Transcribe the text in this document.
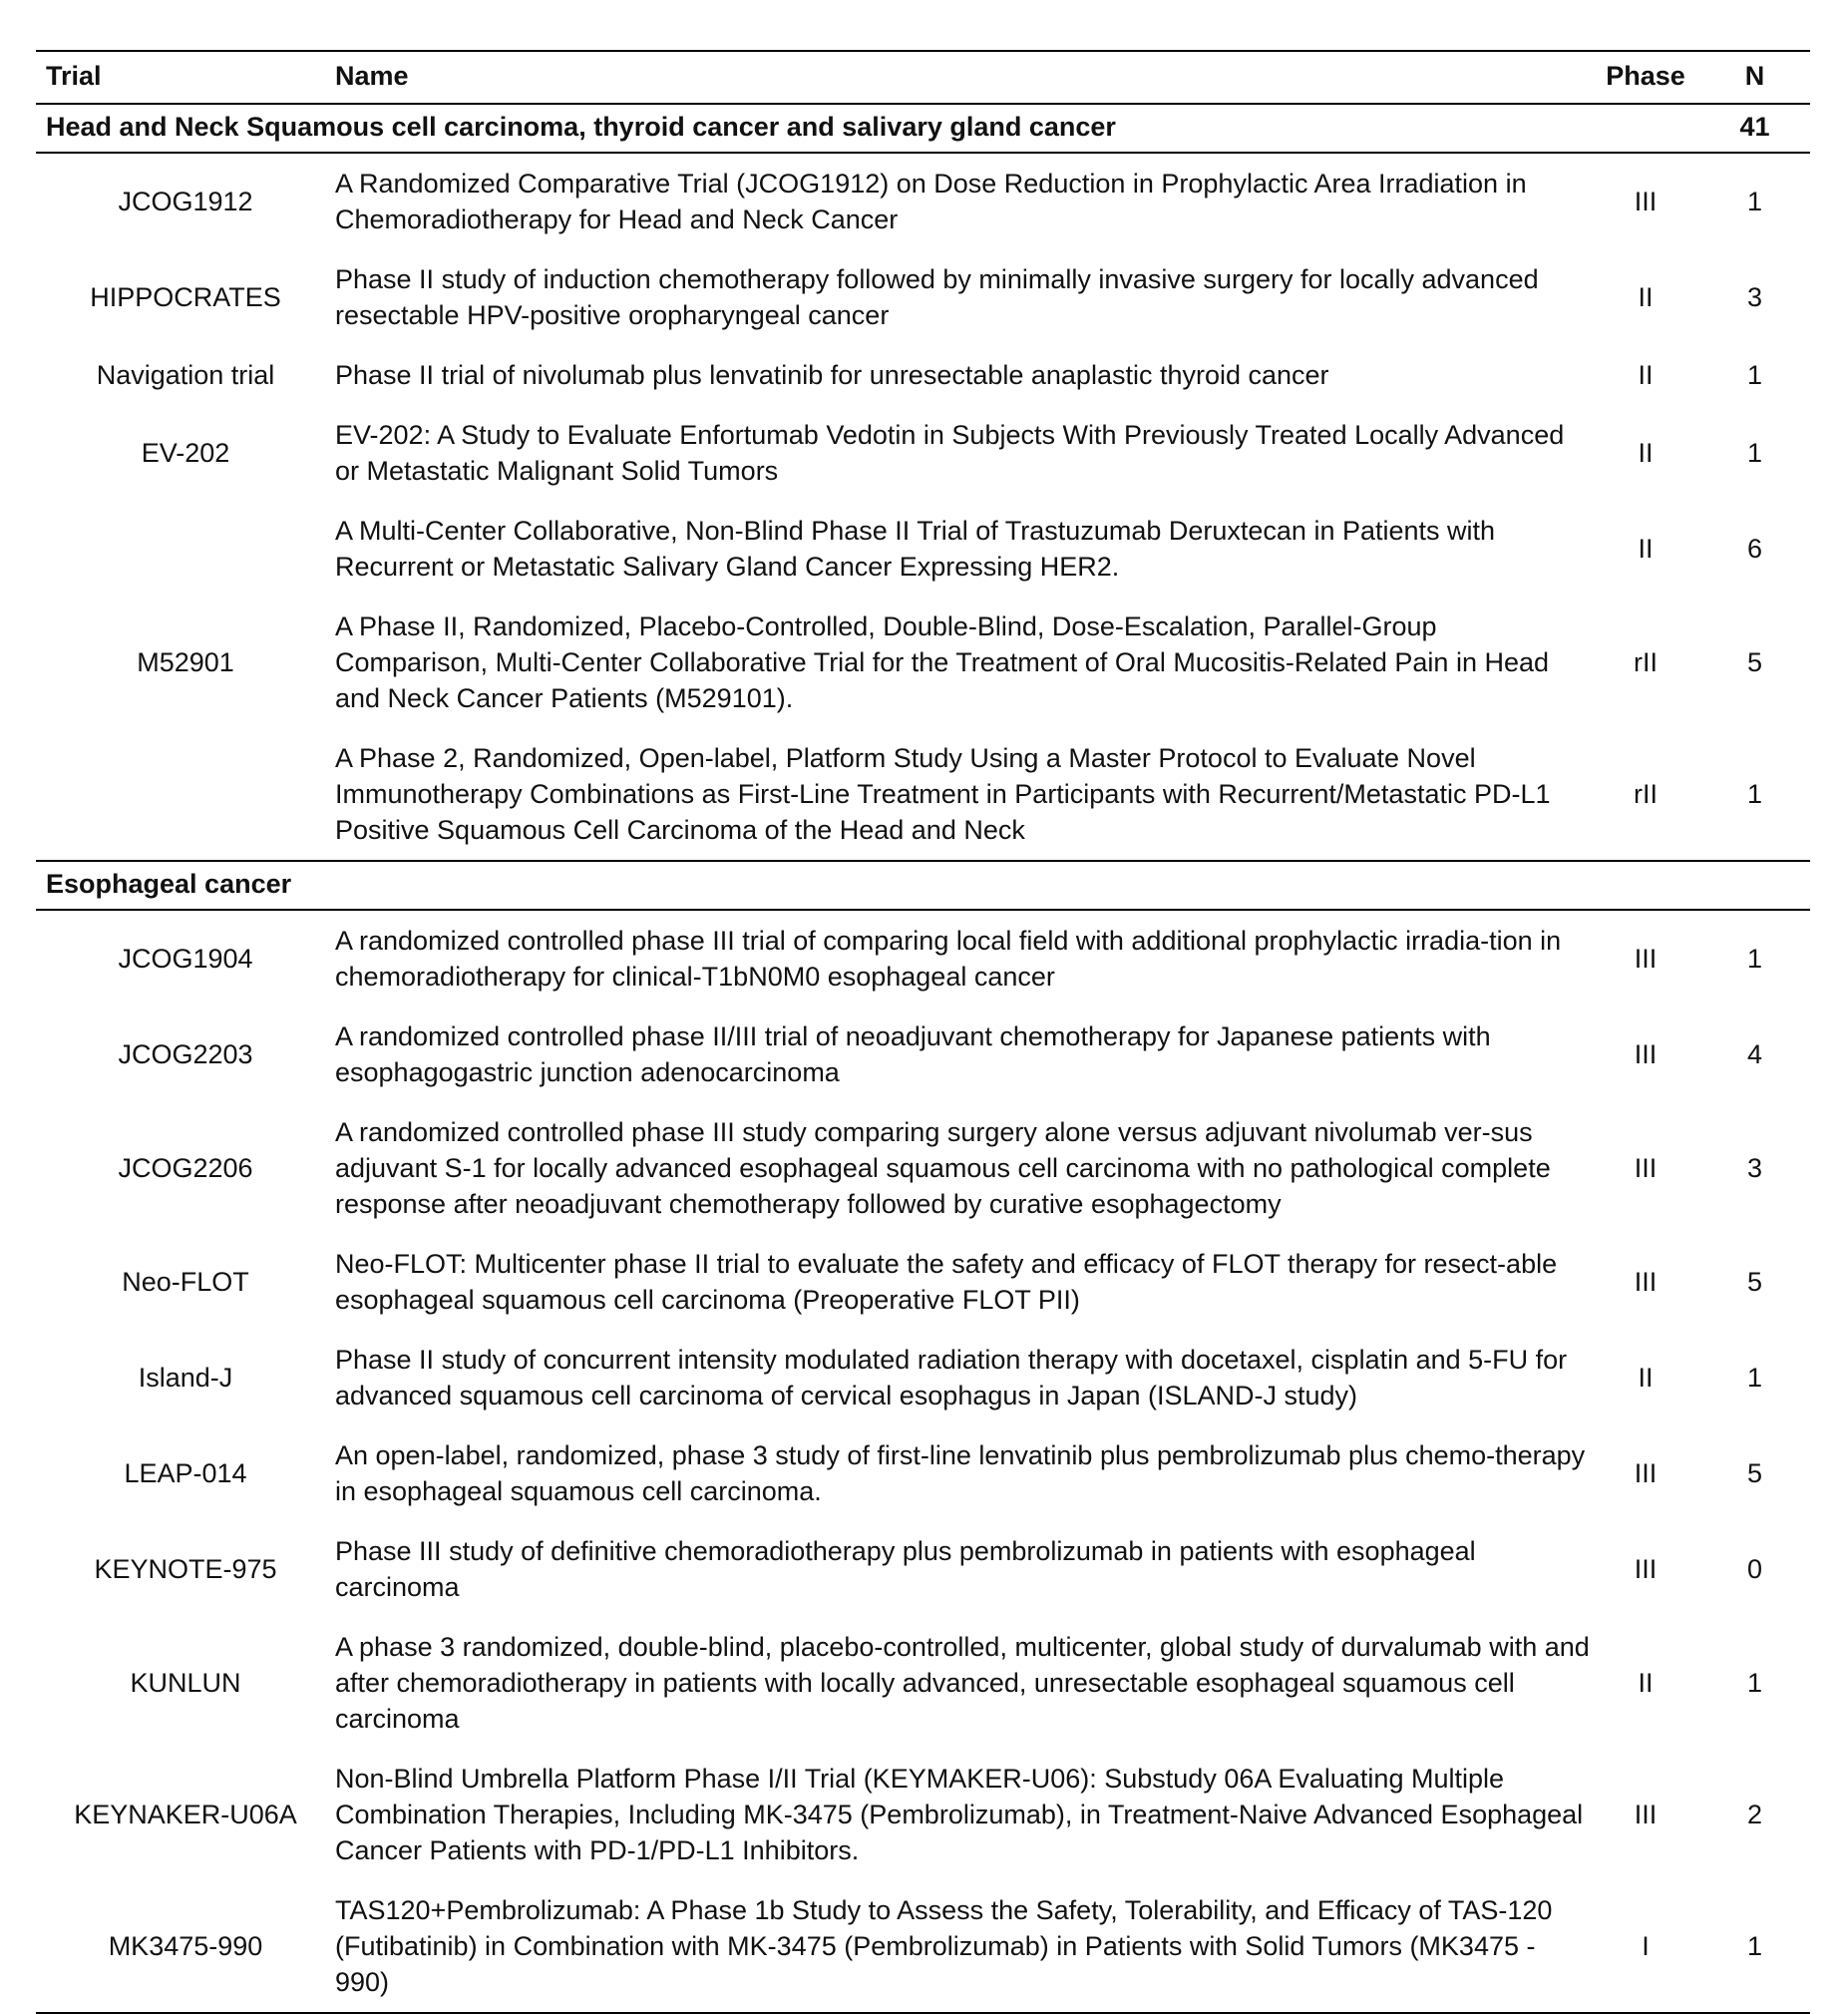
Trial	Name	Phase	N
Head and Neck Squamous cell carcinoma, thyroid cancer and salivary gland cancer			41
JCOG1912	A Randomized Comparative Trial (JCOG1912) on Dose Reduction in Prophylactic Area Irradiation in Chemoradiotherapy for Head and Neck Cancer	III	1
HIPPOCRATES	Phase II study of induction chemotherapy followed by minimally invasive surgery for locally advanced resectable HPV-positive oropharyngeal cancer	II	3
Navigation trial	Phase II trial of nivolumab plus lenvatinib for unresectable anaplastic thyroid cancer	II	1
EV-202	EV-202: A Study to Evaluate Enfortumab Vedotin in Subjects With Previously Treated Locally Advanced or Metastatic Malignant Solid Tumors	II	1
	A Multi-Center Collaborative, Non-Blind Phase II Trial of Trastuzumab Deruxtecan in Patients with Recurrent or Metastatic Salivary Gland Cancer Expressing HER2.	II	6
M52901	A Phase II, Randomized, Placebo-Controlled, Double-Blind, Dose-Escalation, Parallel-Group Comparison, Multi-Center Collaborative Trial for the Treatment of Oral Mucositis-Related Pain in Head and Neck Cancer Patients (M529101).	rII	5
	A Phase 2, Randomized, Open-label, Platform Study Using a Master Protocol to Evaluate Novel Immunotherapy Combinations as First-Line Treatment in Participants with Recurrent/Metastatic PD-L1 Positive Squamous Cell Carcinoma of the Head and Neck	rII	1
Esophageal cancer			
JCOG1904	A randomized controlled phase III trial of comparing local field with additional prophylactic irradia-tion in chemoradiotherapy for clinical-T1bN0M0 esophageal cancer	III	1
JCOG2203	A randomized controlled phase II/III trial of neoadjuvant chemotherapy for Japanese patients with esophagogastric junction adenocarcinoma	III	4
JCOG2206	A randomized controlled phase III study comparing surgery alone versus adjuvant nivolumab ver-sus adjuvant S-1 for locally advanced esophageal squamous cell carcinoma with no pathological complete response after neoadjuvant chemotherapy followed by curative esophagectomy	III	3
Neo-FLOT	Neo-FLOT: Multicenter phase II trial to evaluate the safety and efficacy of FLOT therapy for resect-able esophageal squamous cell carcinoma (Preoperative FLOT PII)	III	5
Island-J	Phase II study of concurrent intensity modulated radiation therapy with docetaxel, cisplatin and 5-FU for advanced squamous cell carcinoma of cervical esophagus in Japan (ISLAND-J study)	II	1
LEAP-014	An open-label, randomized, phase 3 study of first-line lenvatinib plus pembrolizumab plus chemo-therapy in esophageal squamous cell carcinoma.	III	5
KEYNOTE-975	Phase III study of definitive chemoradiotherapy plus pembrolizumab in patients with esophageal carcinoma	III	0
KUNLUN	A phase 3 randomized, double-blind, placebo-controlled, multicenter, global study of durvalumab with and after chemoradiotherapy in patients with locally advanced, unresectable esophageal squamous cell carcinoma	II	1
KEYNAKER-U06A	Non-Blind Umbrella Platform Phase I/II Trial (KEYMAKER-U06): Substudy 06A Evaluating Multiple Combination Therapies, Including MK-3475 (Pembrolizumab), in Treatment-Naive Advanced Esophageal Cancer Patients with PD-1/PD-L1 Inhibitors.	III	2
MK3475-990	TAS120+Pembrolizumab: A Phase 1b Study to Assess the Safety, Tolerability, and Efficacy of TAS-120 (Futibatinib) in Combination with MK-3475 (Pembrolizumab) in Patients with Solid Tumors (MK3475 - 990)	I	1
